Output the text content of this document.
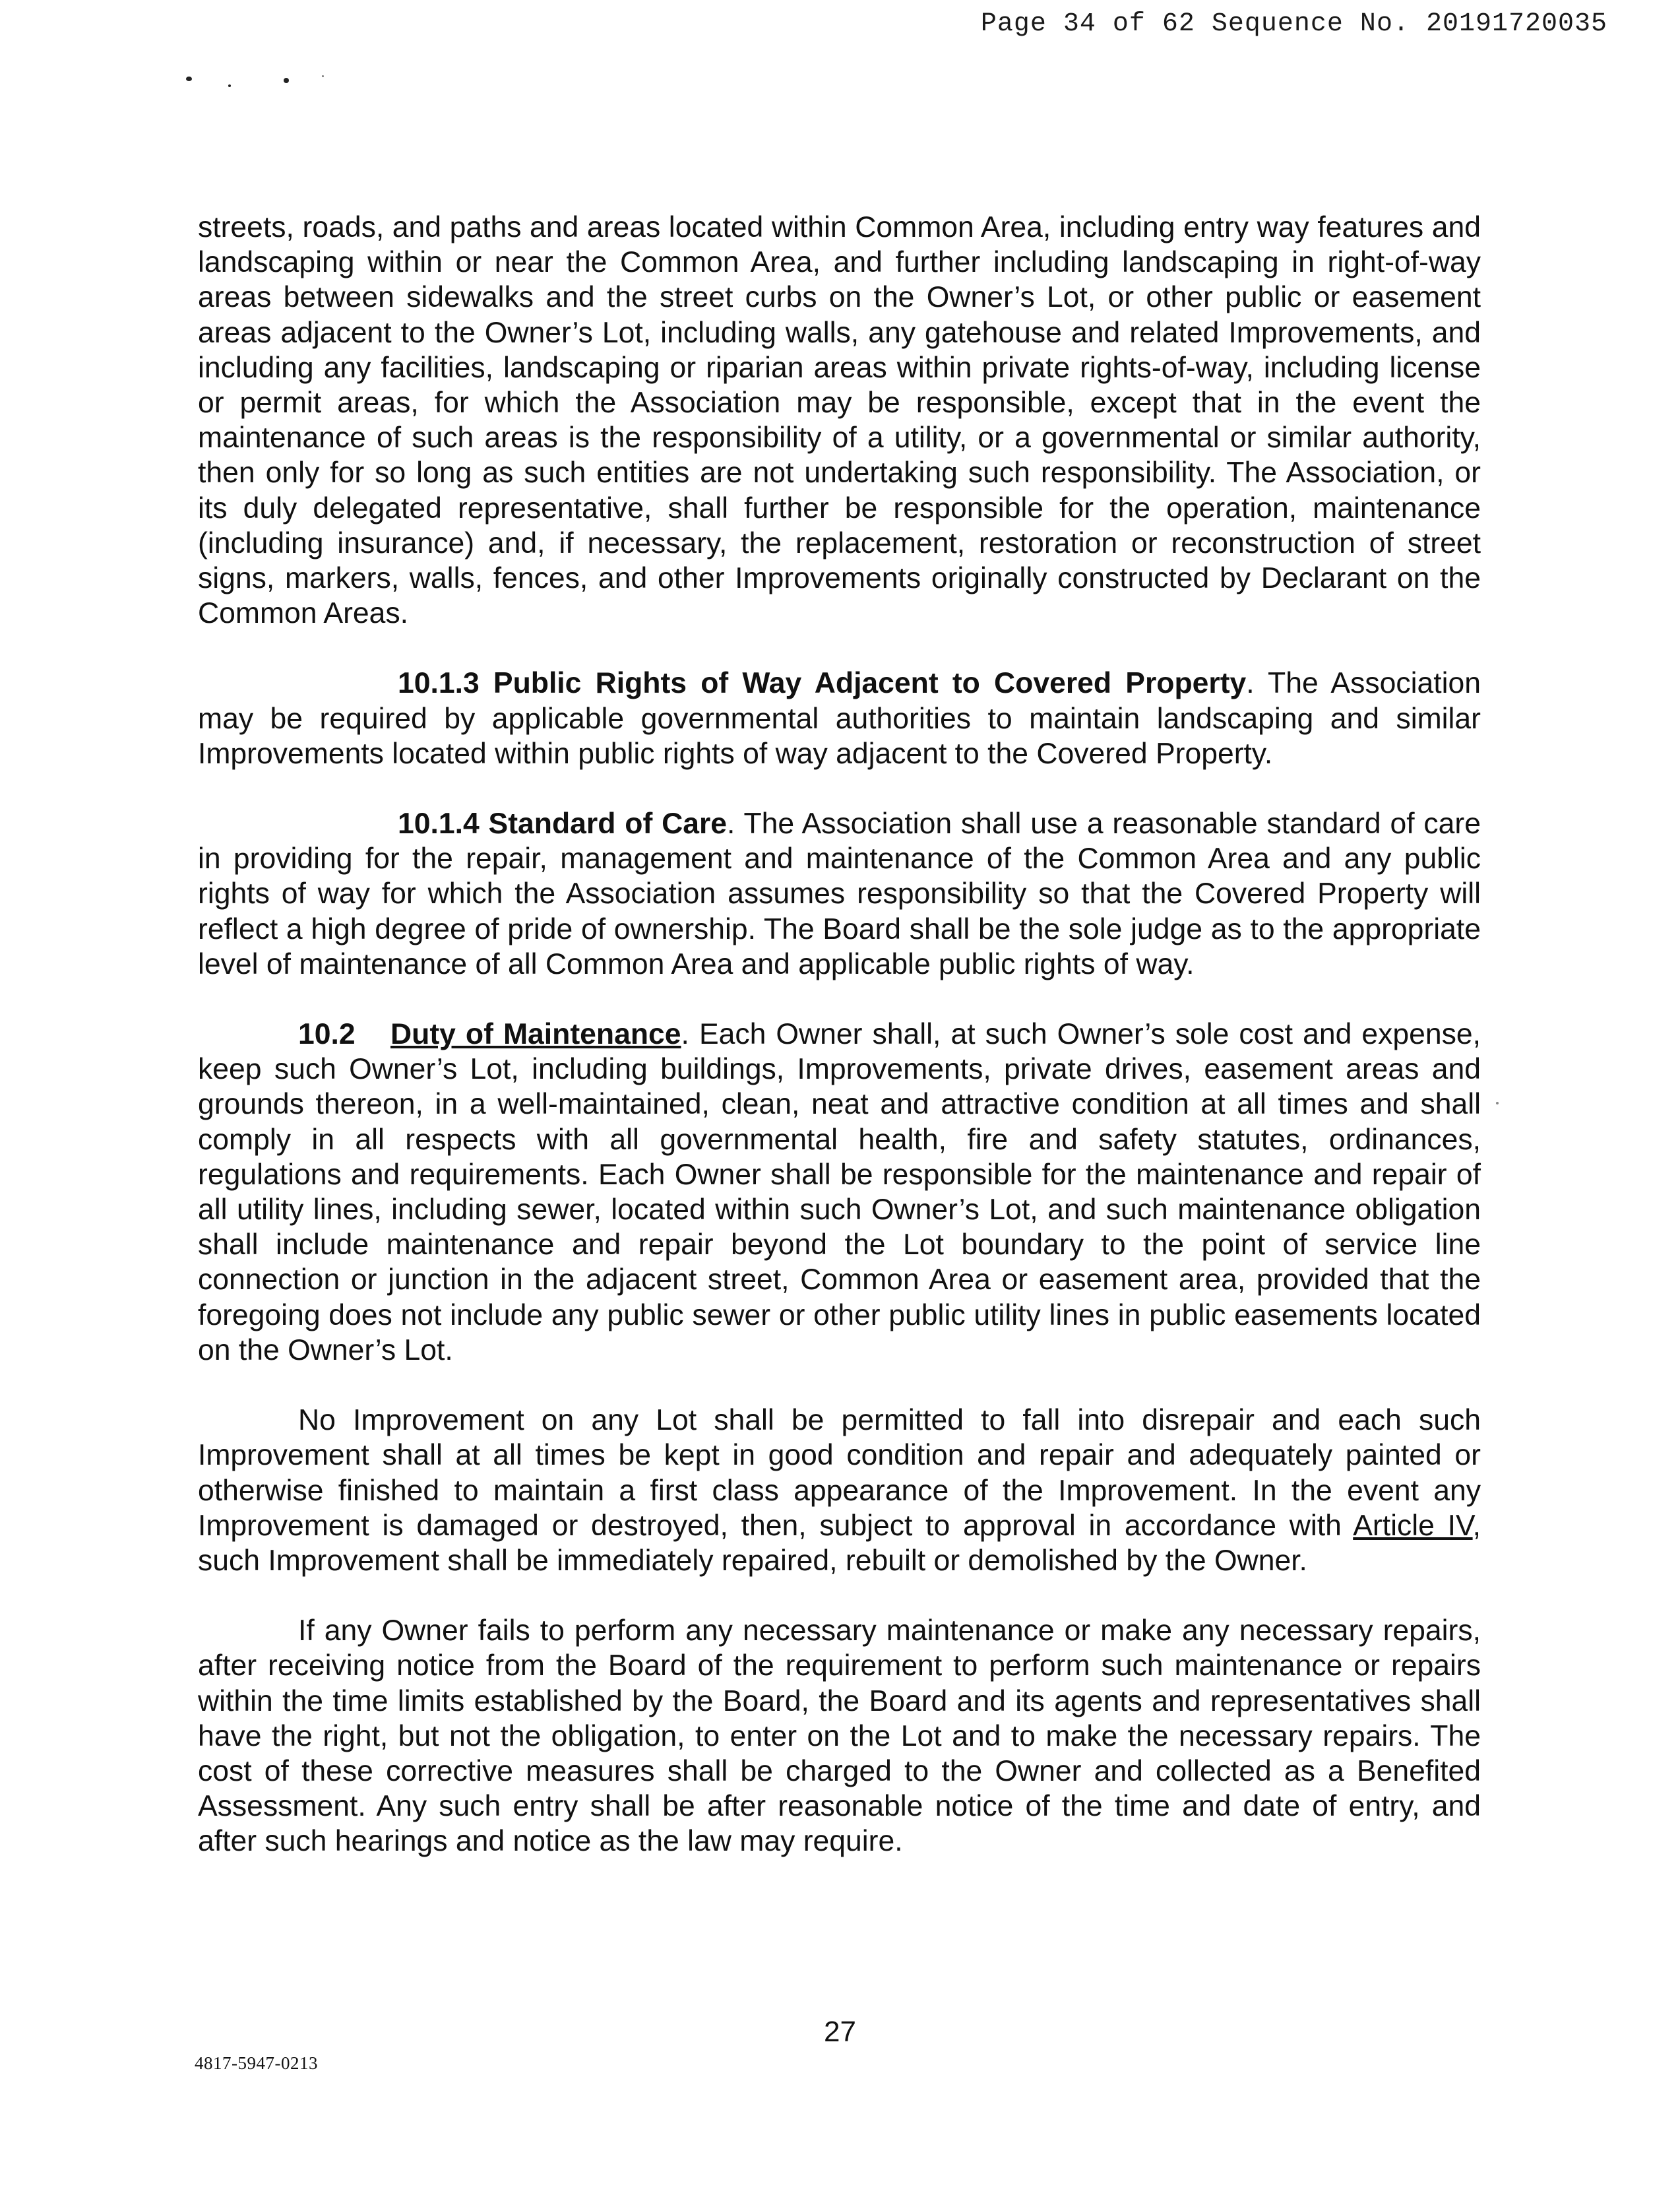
Page 34 of 62 Sequence No. 20191720035

streets, roads, and paths and areas located within Common Area, including entry way features and landscaping within or near the Common Area, and further including landscaping in right-of-way areas between sidewalks and the street curbs on the Owner’s Lot, or other public or easement areas adjacent to the Owner’s Lot, including walls, any gatehouse and related Improvements, and including any facilities, landscaping or riparian areas within private rights-of-way, including license or permit areas, for which the Association may be responsible, except that in the event the maintenance of such areas is the responsibility of a utility, or a governmental or similar authority, then only for so long as such entities are not undertaking such responsibility. The Association, or its duly delegated representative, shall further be responsible for the operation, maintenance (including insurance) and, if necessary, the replacement, restoration or reconstruction of street signs, markers, walls, fences, and other Improvements originally constructed by Declarant on the Common Areas.

10.1.3 Public Rights of Way Adjacent to Covered Property. The Association may be required by applicable governmental authorities to maintain landscaping and similar Improvements located within public rights of way adjacent to the Covered Property.

10.1.4 Standard of Care. The Association shall use a reasonable standard of care in providing for the repair, management and maintenance of the Common Area and any public rights of way for which the Association assumes responsibility so that the Covered Property will reflect a high degree of pride of ownership. The Board shall be the sole judge as to the appropriate level of maintenance of all Common Area and applicable public rights of way.

10.2 Duty of Maintenance. Each Owner shall, at such Owner’s sole cost and expense, keep such Owner’s Lot, including buildings, Improvements, private drives, easement areas and grounds thereon, in a well-maintained, clean, neat and attractive condition at all times and shall comply in all respects with all governmental health, fire and safety statutes, ordinances, regulations and requirements. Each Owner shall be responsible for the maintenance and repair of all utility lines, including sewer, located within such Owner’s Lot, and such maintenance obligation shall include maintenance and repair beyond the Lot boundary to the point of service line connection or junction in the adjacent street, Common Area or easement area, provided that the foregoing does not include any public sewer or other public utility lines in public easements located on the Owner’s Lot.

No Improvement on any Lot shall be permitted to fall into disrepair and each such Improvement shall at all times be kept in good condition and repair and adequately painted or otherwise finished to maintain a first class appearance of the Improvement. In the event any Improvement is damaged or destroyed, then, subject to approval in accordance with Article IV, such Improvement shall be immediately repaired, rebuilt or demolished by the Owner.

If any Owner fails to perform any necessary maintenance or make any necessary repairs, after receiving notice from the Board of the requirement to perform such maintenance or repairs within the time limits established by the Board, the Board and its agents and representatives shall have the right, but not the obligation, to enter on the Lot and to make the necessary repairs. The cost of these corrective measures shall be charged to the Owner and collected as a Benefited Assessment. Any such entry shall be after reasonable notice of the time and date of entry, and after such hearings and notice as the law may require.

27
4817-5947-0213
